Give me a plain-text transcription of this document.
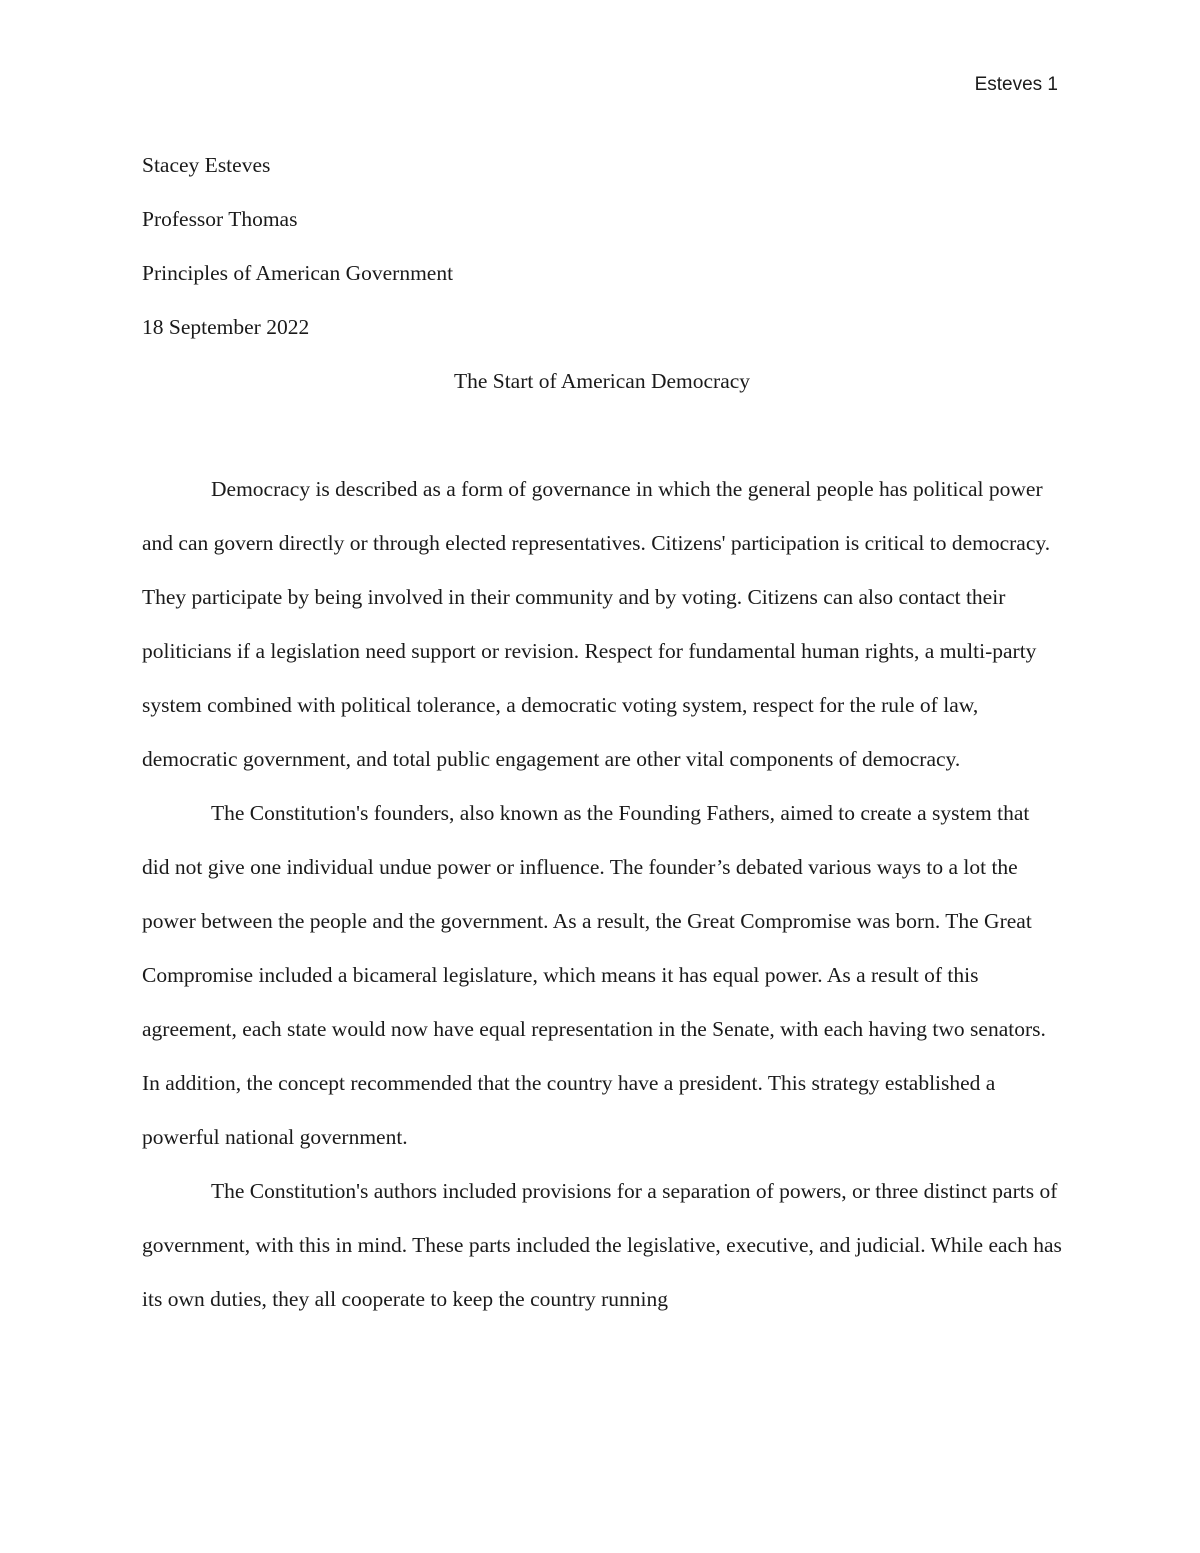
Esteves 1

Stacey Esteves

Professor Thomas

Principles of American Government

18 September 2022

The Start of American Democracy

Democracy is described as a form of governance in which the general people has political power and can govern directly or through elected representatives. Citizens' participation is critical to democracy. They participate by being involved in their community and by voting. Citizens can also contact their politicians if a legislation need support or revision. Respect for fundamental human rights, a multi-party system combined with political tolerance, a democratic voting system, respect for the rule of law, democratic government, and total public engagement are other vital components of democracy.

The Constitution's founders, also known as the Founding Fathers, aimed to create a system that did not give one individual undue power or influence. The founder’s debated various ways to a lot the power between the people and the government. As a result, the Great Compromise was born. The Great Compromise included a bicameral legislature, which means it has equal power. As a result of this agreement, each state would now have equal representation in the Senate, with each having two senators. In addition, the concept recommended that the country have a president. This strategy established a powerful national government.

The Constitution's authors included provisions for a separation of powers, or three distinct parts of government, with this in mind. These parts included the legislative, executive, and judicial. While each has its own duties, they all cooperate to keep the country running
